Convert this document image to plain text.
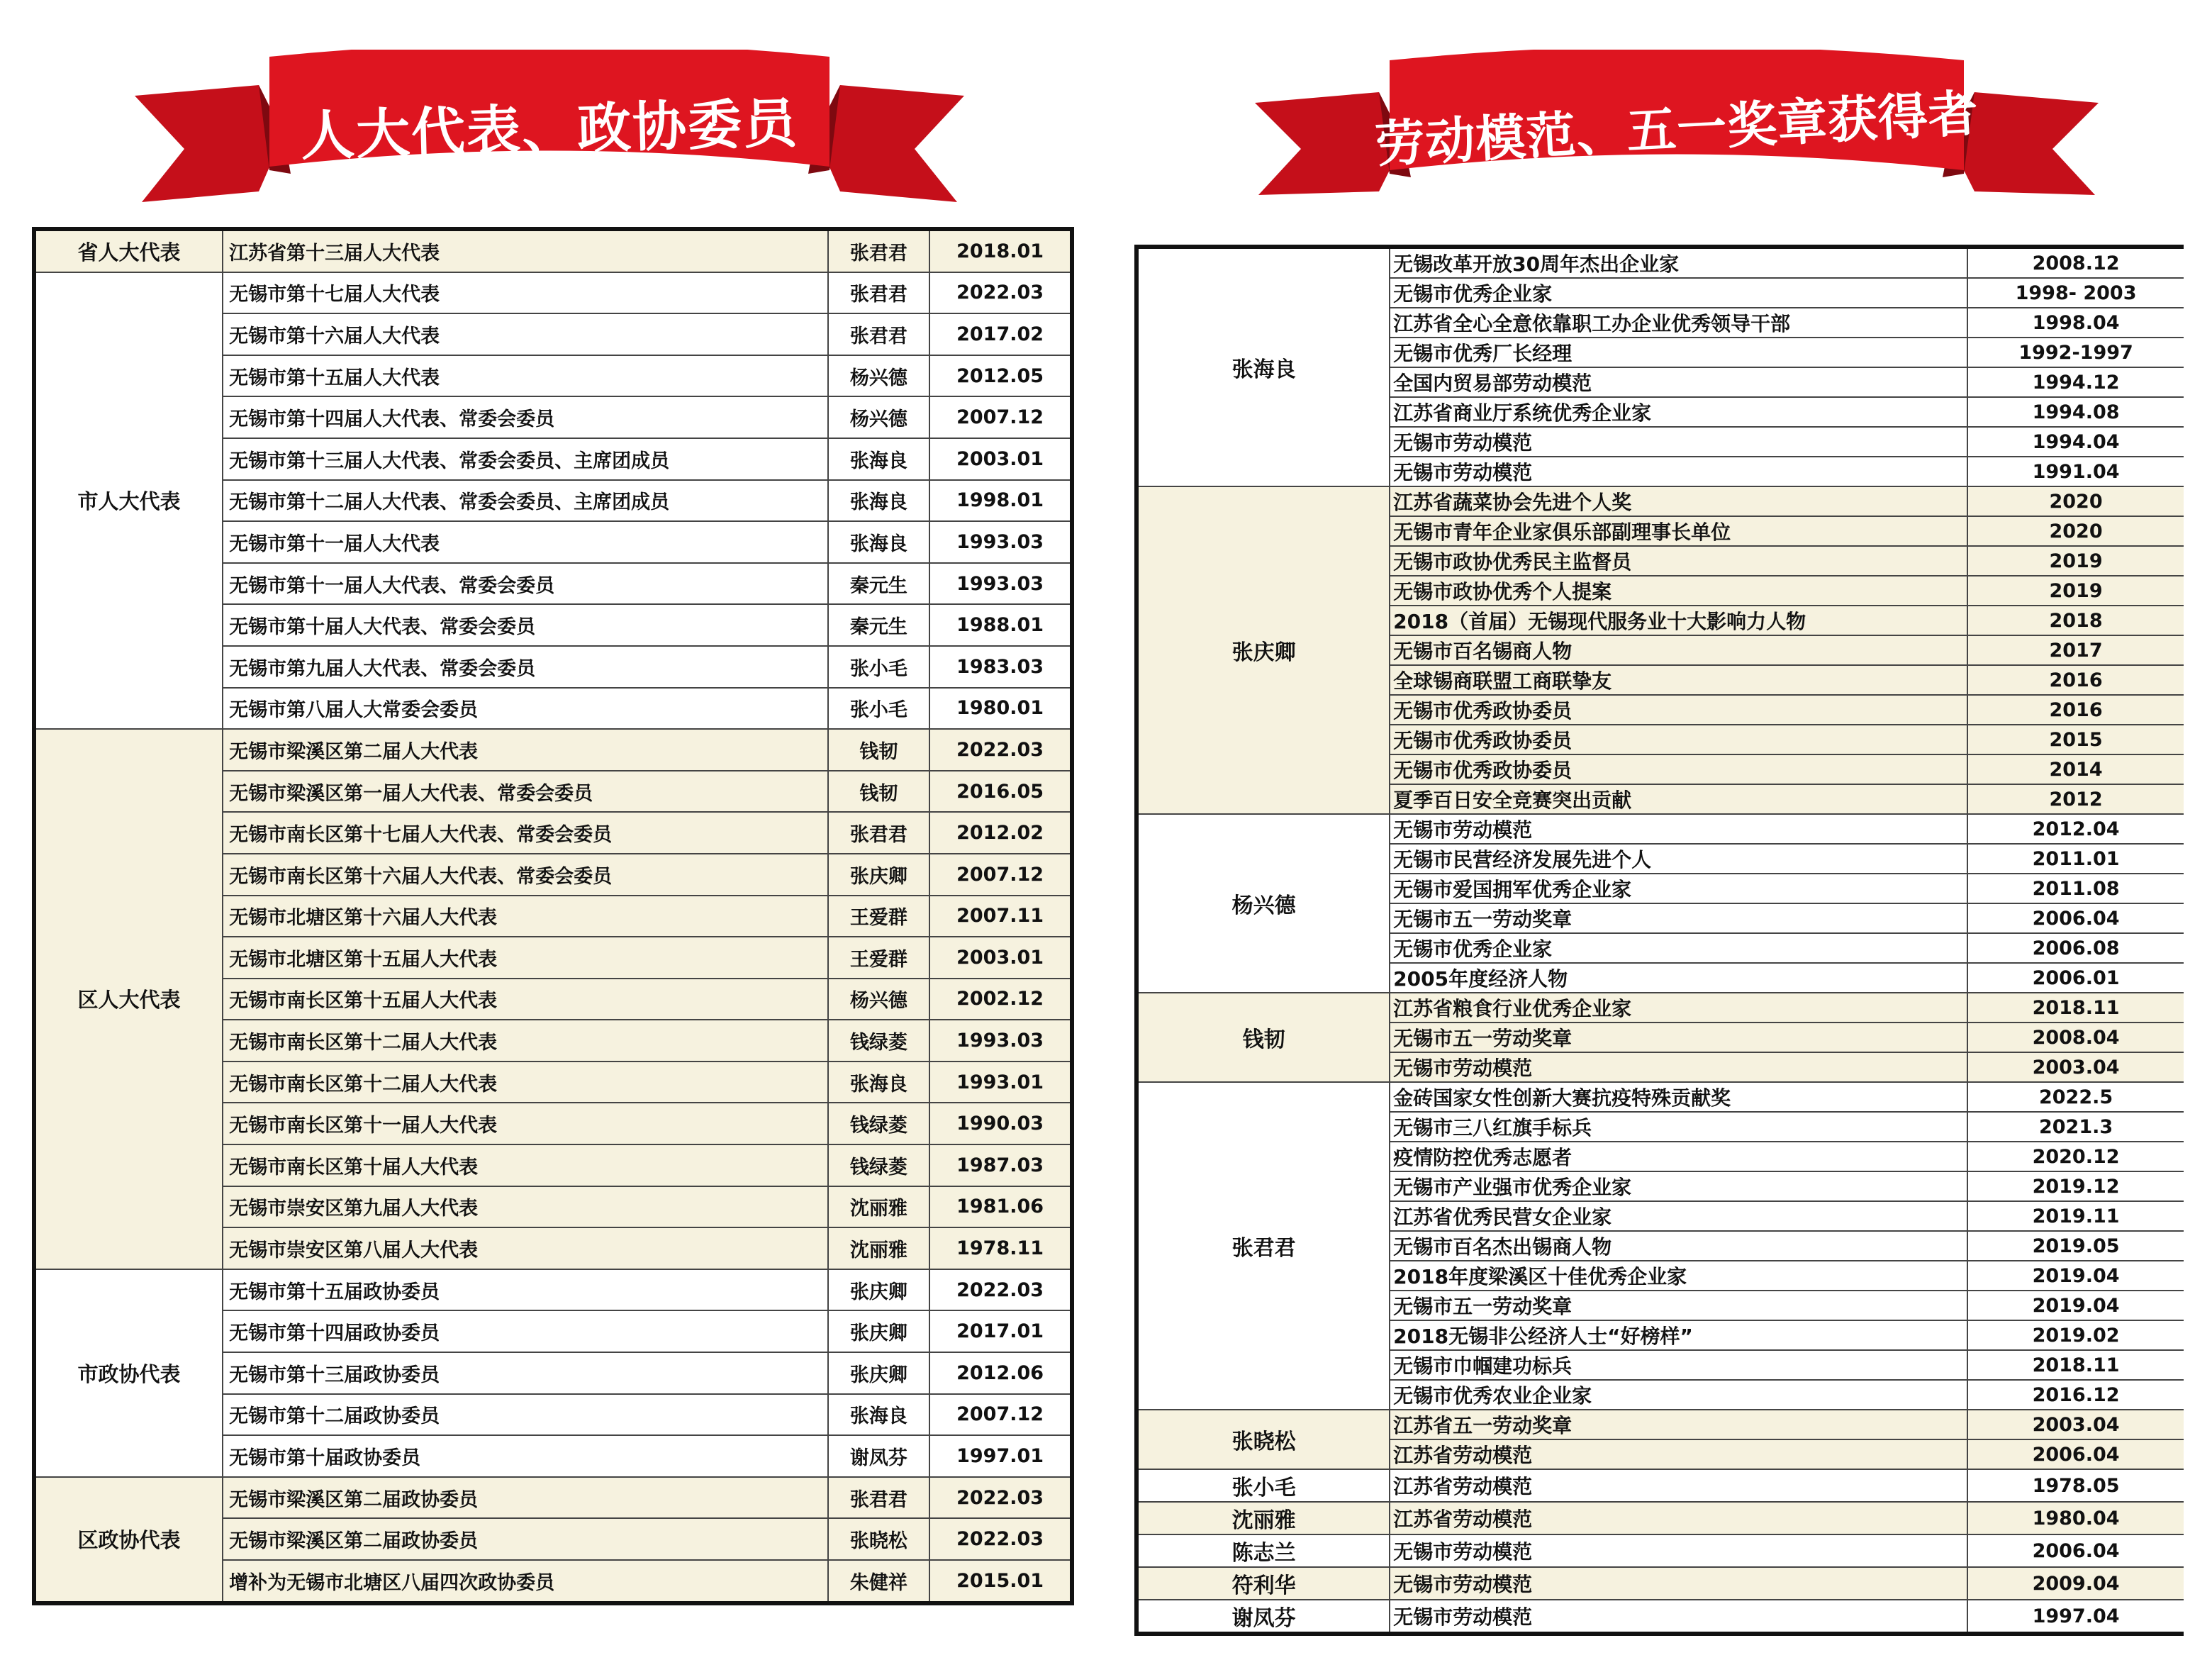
人大代表、政协委员	劳动模范、五一奖章获得者
省人大代表	江苏省第十三届人大代表	张君君	2018.01
市人大代表	无锡市第十七届人大代表	张君君	2022.03
	无锡市第十六届人大代表	张君君	2017.02
	无锡市第十五届人大代表	杨兴德	2012.05
	无锡市第十四届人大代表、常委会委员	杨兴德	2007.12
	无锡市第十三届人大代表、常委会委员、主席团成员	张海良	2003.01
	无锡市第十二届人大代表、常委会委员、主席团成员	张海良	1998.01
	无锡市第十一届人大代表	张海良	1993.03
	无锡市第十一届人大代表、常委会委员	秦元生	1993.03
	无锡市第十届人大代表、常委会委员	秦元生	1988.01
	无锡市第九届人大代表、常委会委员	张小毛	1983.03
	无锡市第八届人大常委会委员	张小毛	1980.01
区人大代表	无锡市梁溪区第二届人大代表	钱韧	2022.03
	无锡市梁溪区第一届人大代表、常委会委员	钱韧	2016.05
	无锡市南长区第十七届人大代表、常委会委员	张君君	2012.02
	无锡市南长区第十六届人大代表、常委会委员	张庆卿	2007.12
	无锡市北塘区第十六届人大代表	王爱群	2007.11
	无锡市北塘区第十五届人大代表	王爱群	2003.01
	无锡市南长区第十五届人大代表	杨兴德	2002.12
	无锡市南长区第十二届人大代表	钱绿菱	1993.03
	无锡市南长区第十二届人大代表	张海良	1993.01
	无锡市南长区第十一届人大代表	钱绿菱	1990.03
	无锡市南长区第十届人大代表	钱绿菱	1987.03
	无锡市崇安区第九届人大代表	沈丽雅	1981.06
	无锡市崇安区第八届人大代表	沈丽雅	1978.11
市政协代表	无锡市第十五届政协委员	张庆卿	2022.03
	无锡市第十四届政协委员	张庆卿	2017.01
	无锡市第十三届政协委员	张庆卿	2012.06
	无锡市第十二届政协委员	张海良	2007.12
	无锡市第十届政协委员	谢凤芬	1997.01
区政协代表	无锡市梁溪区第二届政协委员	张君君	2022.03
	无锡市梁溪区第二届政协委员	张晓松	2022.03
	增补为无锡市北塘区八届四次政协委员	朱健祥	2015.01
张海良	无锡改革开放30周年杰出企业家	2008.12
	无锡市优秀企业家	1998- 2003
	江苏省全心全意依靠职工办企业优秀领导干部	1998.04
	无锡市优秀厂长经理	1992-1997
	全国内贸易部劳动模范	1994.12
	江苏省商业厅系统优秀企业家	1994.08
	无锡市劳动模范	1994.04
	无锡市劳动模范	1991.04
张庆卿	江苏省蔬菜协会先进个人奖	2020
	无锡市青年企业家俱乐部副理事长单位	2020
	无锡市政协优秀民主监督员	2019
	无锡市政协优秀个人提案	2019
	2018（首届）无锡现代服务业十大影响力人物	2018
	无锡市百名锡商人物	2017
	全球锡商联盟工商联挚友	2016
	无锡市优秀政协委员	2016
	无锡市优秀政协委员	2015
	无锡市优秀政协委员	2014
	夏季百日安全竞赛突出贡献	2012
杨兴德	无锡市劳动模范	2012.04
	无锡市民营经济发展先进个人	2011.01
	无锡市爱国拥军优秀企业家	2011.08
	无锡市五一劳动奖章	2006.04
	无锡市优秀企业家	2006.08
	2005年度经济人物	2006.01
钱韧	江苏省粮食行业优秀企业家	2018.11
	无锡市五一劳动奖章	2008.04
	无锡市劳动模范	2003.04
张君君	金砖国家女性创新大赛抗疫特殊贡献奖	2022.5
	无锡市三八红旗手标兵	2021.3
	疫情防控优秀志愿者	2020.12
	无锡市产业强市优秀企业家	2019.12
	江苏省优秀民营女企业家	2019.11
	无锡市百名杰出锡商人物	2019.05
	2018年度梁溪区十佳优秀企业家	2019.04
	无锡市五一劳动奖章	2019.04
	2018无锡非公经济人士“好榜样”	2019.02
	无锡市巾帼建功标兵	2018.11
	无锡市优秀农业企业家	2016.12
张晓松	江苏省五一劳动奖章	2003.04
	江苏省劳动模范	2006.04
张小毛	江苏省劳动模范	1978.05
沈丽雅	江苏省劳动模范	1980.04
陈志兰	无锡市劳动模范	2006.04
符利华	无锡市劳动模范	2009.04
谢凤芬	无锡市劳动模范	1997.04
